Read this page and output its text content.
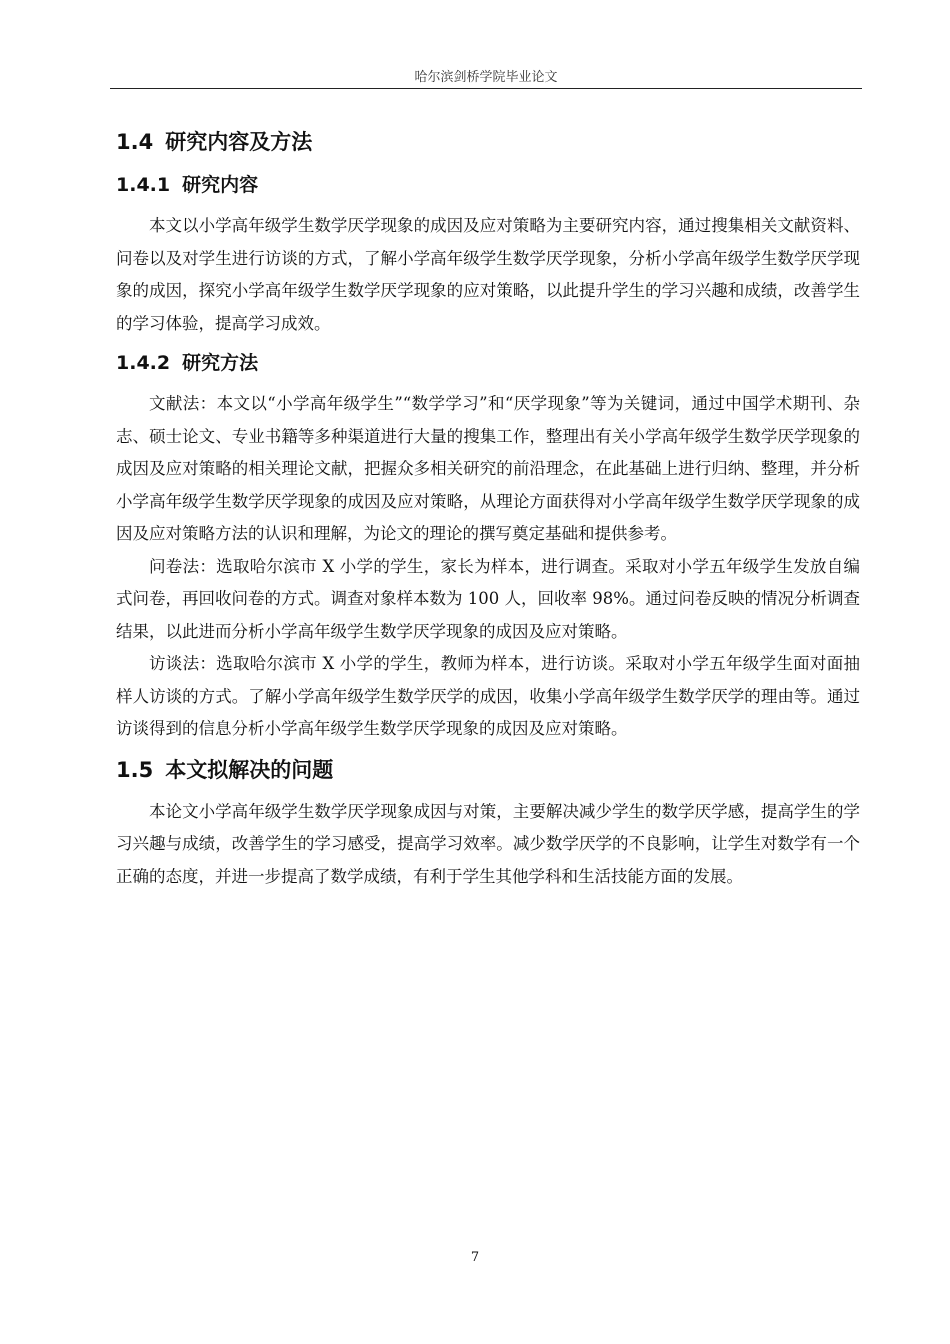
哈尔滨剑桥学院毕业论文
1.4 研究内容及方法
1.4.1 研究内容

本文以小学高年级学生数学厌学现象的成因及应对策略为主要研究内容，通过搜集相关文献资料、问卷以及对学生进行访谈的方式，了解小学高年级学生数学厌学现象，分析小学高年级学生数学厌学现象的成因，探究小学高年级学生数学厌学现象的应对策略，以此提升学生的学习兴趣和成绩，改善学生的学习体验，提高学习成效。

1.4.2 研究方法

文献法：本文以“小学高年级学生”“数学学习”和“厌学现象”等为关键词，通过中国学术期刊、杂志、硕士论文、专业书籍等多种渠道进行大量的搜集工作，整理出有关小学高年级学生数学厌学现象的成因及应对策略的相关理论文献，把握众多相关研究的前沿理念，在此基础上进行归纳、整理，并分析小学高年级学生数学厌学现象的成因及应对策略，从理论方面获得对小学高年级学生数学厌学现象的成因及应对策略方法的认识和理解，为论文的理论的撰写奠定基础和提供参考。

问卷法：选取哈尔滨市 X 小学的学生，家长为样本，进行调查。采取对小学五年级学生发放自编式问卷，再回收问卷的方式。调查对象样本数为 100 人，回收率 98%。通过问卷反映的情况分析调查结果，以此进而分析小学高年级学生数学厌学现象的成因及应对策略。

访谈法：选取哈尔滨市 X 小学的学生，教师为样本，进行访谈。采取对小学五年级学生面对面抽样人访谈的方式。了解小学高年级学生数学厌学的成因，收集小学高年级学生数学厌学的理由等。通过访谈得到的信息分析小学高年级学生数学厌学现象的成因及应对策略。

1.5 本文拟解决的问题

本论文小学高年级学生数学厌学现象成因与对策，主要解决减少学生的数学厌学感，提高学生的学习兴趣与成绩，改善学生的学习感受，提高学习效率。减少数学厌学的不良影响，让学生对数学有一个正确的态度，并进一步提高了数学成绩，有利于学生其他学科和生活技能方面的发展。

7
